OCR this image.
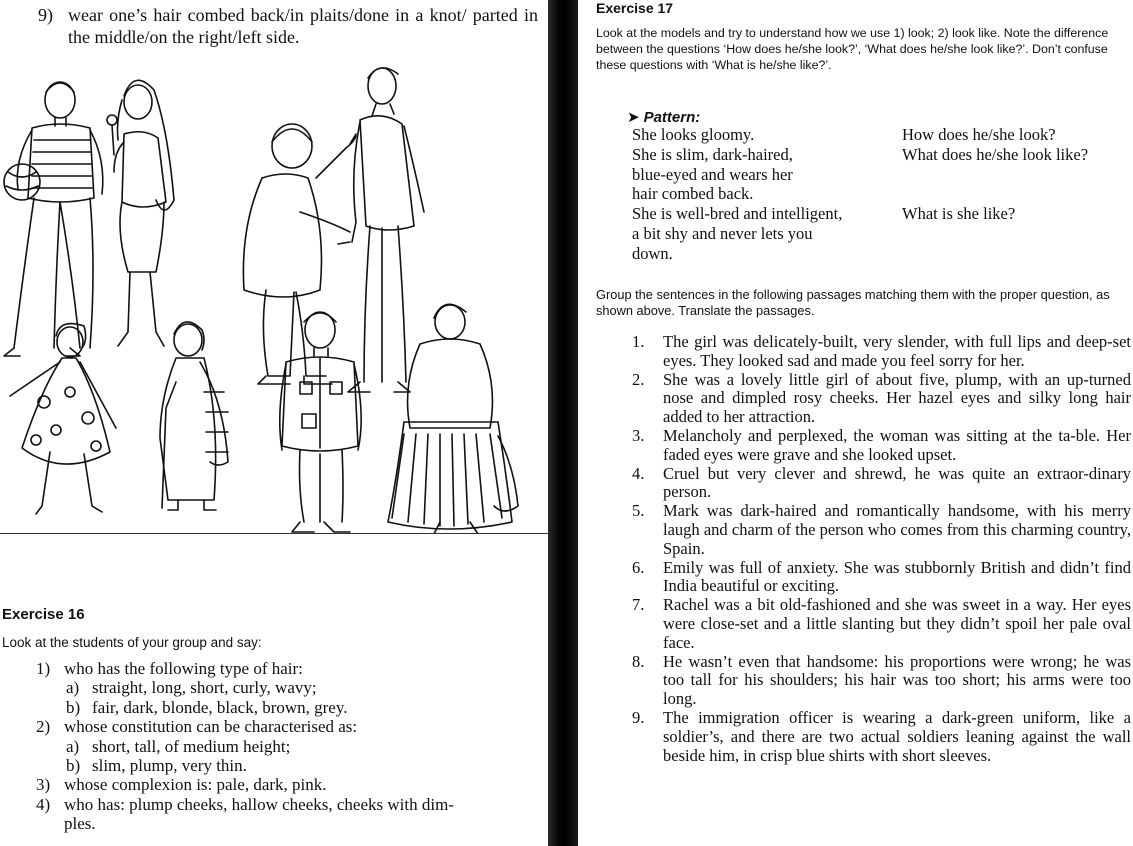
9) wear one’s hair combed back/in plaits/done in a knot/ parted in the middle/on the right/left side.
Exercise 16
Look at the students of your group and say:
1) who has the following type of hair:
a) straight, long, short, curly, wavy;
b) fair, dark, blonde, black, brown, grey.
2) whose constitution can be characterised as:
a) short, tall, of medium height;
b) slim, plump, very thin.
3) whose complexion is: pale, dark, pink.
4) who has: plump cheeks, hallow cheeks, cheeks with dim-
ples.
Exercise 17
Look at the models and try to understand how we use 1) look; 2) look like. Note the difference between the questions ‘How does he/she look?’, ‘What does he/she look like?’. Don’t confuse these questions with ‘What is he/she like?’.
➤ Pattern:
She looks gloomy.
She is slim, dark-haired,
blue-eyed and wears her
hair combed back.
She is well-bred and intelligent,
a bit shy and never lets you
down.
How does he/she look?
What does he/she look like?
What is she like?
Group the sentences in the following passages matching them with the proper question, as shown above. Translate the passages.
1. The girl was delicately-built, very slender, with full lips and deep-set eyes. They looked sad and made you feel sorry for her.
2. She was a lovely little girl of about five, plump, with an up-turned nose and dimpled rosy cheeks. Her hazel eyes and silky long hair added to her attraction.
3. Melancholy and perplexed, the woman was sitting at the ta-ble. Her faded eyes were grave and she looked upset.
4. Cruel but very clever and shrewd, he was quite an extraor-dinary person.
5. Mark was dark-haired and romantically handsome, with his merry laugh and charm of the person who comes from this charming country, Spain.
6. Emily was full of anxiety. She was stubbornly British and didn’t find India beautiful or exciting.
7. Rachel was a bit old-fashioned and she was sweet in a way. Her eyes were close-set and a little slanting but they didn’t spoil her pale oval face.
8. He wasn’t even that handsome: his proportions were wrong; he was too tall for his shoulders; his hair was too short; his arms were too long.
9. The immigration officer is wearing a dark-green uniform, like a soldier’s, and there are two actual soldiers leaning against the wall beside him, in crisp blue shirts with short sleeves.
